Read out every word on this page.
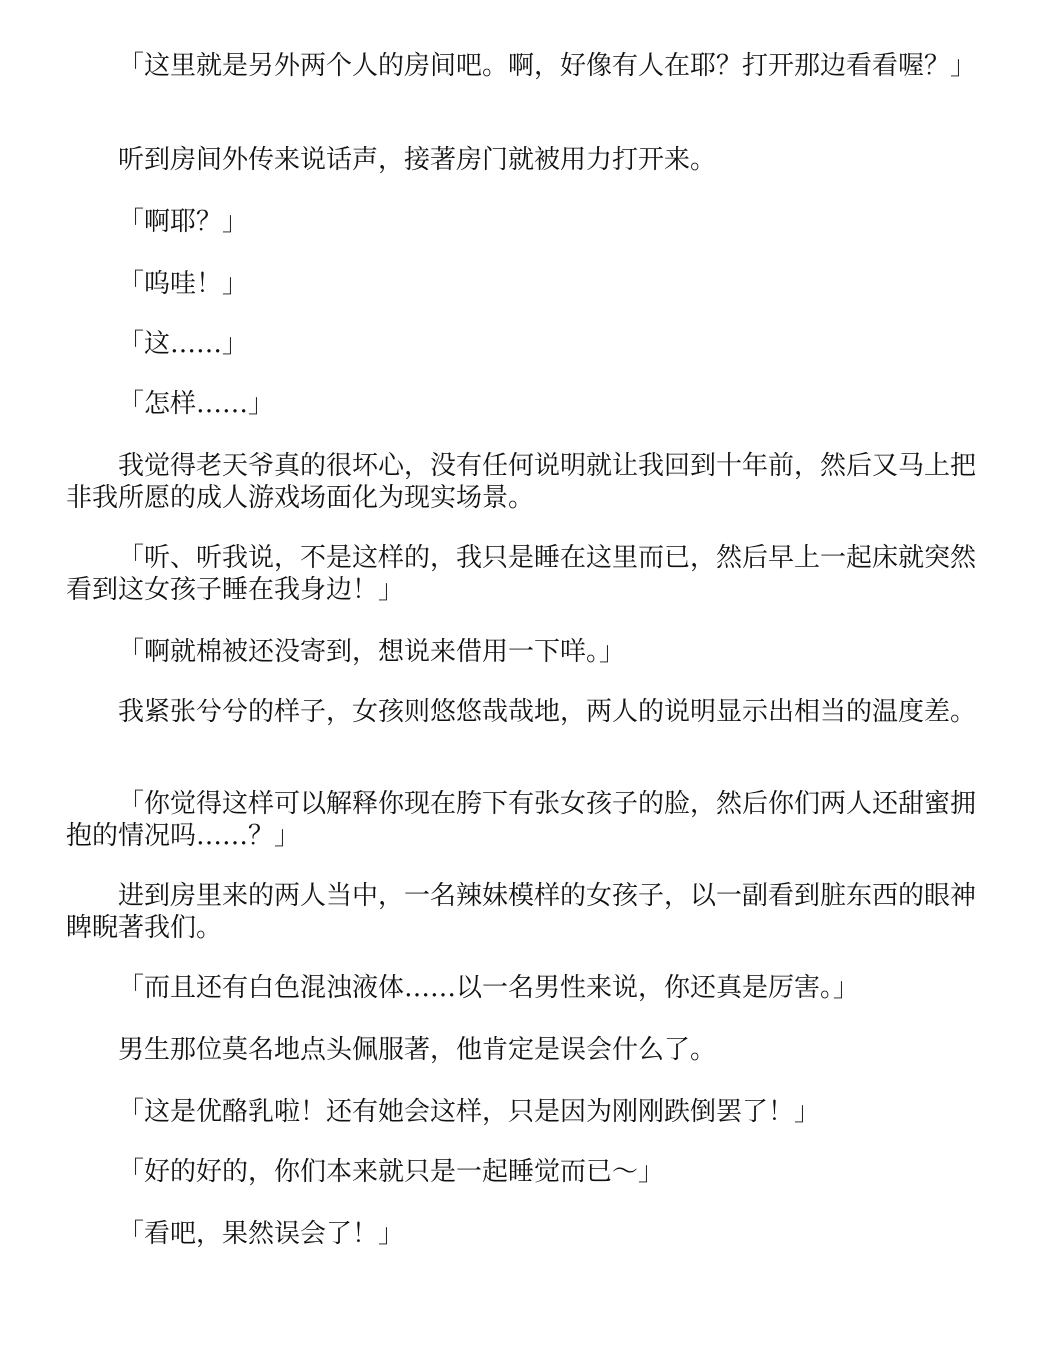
「这里就是另外两个人的房间吧。啊，好像有人在耶？打开那边看看喔？」

听到房间外传来说话声，接著房门就被用力打开来。

「啊耶？」

「呜哇！」

「这……」

「怎样……」

我觉得老天爷真的很坏心，没有任何说明就让我回到十年前，然后又马上把非我所愿的成人游戏场面化为现实场景。

「听、听我说，不是这样的，我只是睡在这里而已，然后早上一起床就突然看到这女孩子睡在我身边！」

「啊就棉被还没寄到，想说来借用一下咩。」

我紧张兮兮的样子，女孩则悠悠哉哉地，两人的说明显示出相当的温度差。

「你觉得这样可以解释你现在胯下有张女孩子的脸，然后你们两人还甜蜜拥抱的情况吗……？」

进到房里来的两人当中，一名辣妹模样的女孩子，以一副看到脏东西的眼神睥睨著我们。

「而且还有白色混浊液体……以一名男性来说，你还真是厉害。」

男生那位莫名地点头佩服著，他肯定是误会什么了。

「这是优酪乳啦！还有她会这样，只是因为刚刚跌倒罢了！」

「好的好的，你们本来就只是一起睡觉而已～」

「看吧，果然误会了！」
